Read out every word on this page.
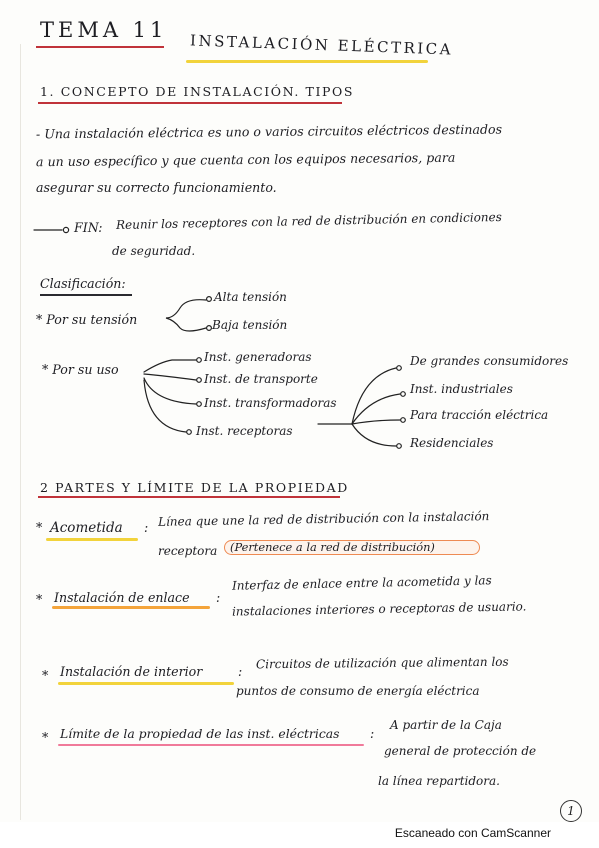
TEMA 11
INSTALACIÓN ELÉCTRICA
1. CONCEPTO DE INSTALACIÓN. TIPOS
- Una instalación eléctrica es uno o varios circuitos eléctricos destinados
a un uso específico y que cuenta con los equipos necesarios, para
asegurar su correcto funcionamiento.
FIN: Reunir los receptores con la red de distribución en condiciones
de seguridad.
Clasificación:
* Por su tensión
Alta tensión
Baja tensión
* Por su uso
Inst. generadoras
Inst. de transporte
Inst. transformadoras
Inst. receptoras
De grandes consumidores
Inst. industriales
Para tracción eléctrica
Residenciales
2 PARTES Y LÍMITE DE LA PROPIEDAD
* Acometida : Línea que une la red de distribución con la instalación
receptora (Pertenece a la red de distribución)
* Instalación de enlace :
Interfaz de enlace entre la acometida y las
instalaciones interiores o receptoras de usuario.
* Instalación de interior	:
Circuitos de utilización que alimentan los
puntos de consumo de energía eléctrica
* Límite de la propiedad de las inst. eléctricas :
A partir de la Caja
general de protección de
la línea repartidora.
1
Escaneado con CamScanner
